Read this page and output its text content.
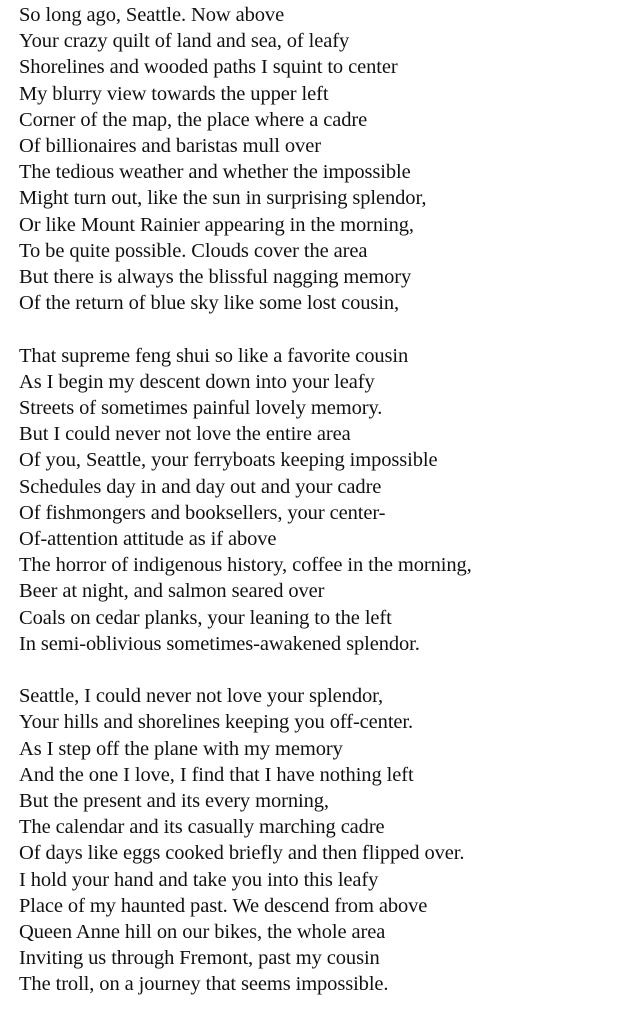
So long ago, Seattle. Now above
Your crazy quilt of land and sea, of leafy
Shorelines and wooded paths I squint to center
My blurry view towards the upper left
Corner of the map, the place where a cadre
Of billionaires and baristas mull over
The tedious weather and whether the impossible
Might turn out, like the sun in surprising splendor,
Or like Mount Rainier appearing in the morning,
To be quite possible. Clouds cover the area
But there is always the blissful nagging memory
Of the return of blue sky like some lost cousin,
That supreme feng shui so like a favorite cousin
As I begin my descent down into your leafy
Streets of sometimes painful lovely memory.
But I could never not love the entire area
Of you, Seattle, your ferryboats keeping impossible
Schedules day in and day out and your cadre
Of fishmongers and booksellers, your center-
Of-attention attitude as if above
The horror of indigenous history, coffee in the morning,
Beer at night, and salmon seared over
Coals on cedar planks, your leaning to the left
In semi-oblivious sometimes-awakened splendor.
Seattle, I could never not love your splendor,
Your hills and shorelines keeping you off-center.
As I step off the plane with my memory
And the one I love, I find that I have nothing left
But the present and its every morning,
The calendar and its casually marching cadre
Of days like eggs cooked briefly and then flipped over.
I hold your hand and take you into this leafy
Place of my haunted past. We descend from above
Queen Anne hill on our bikes, the whole area
Inviting us through Fremont, past my cousin
The troll, on a journey that seems impossible.
